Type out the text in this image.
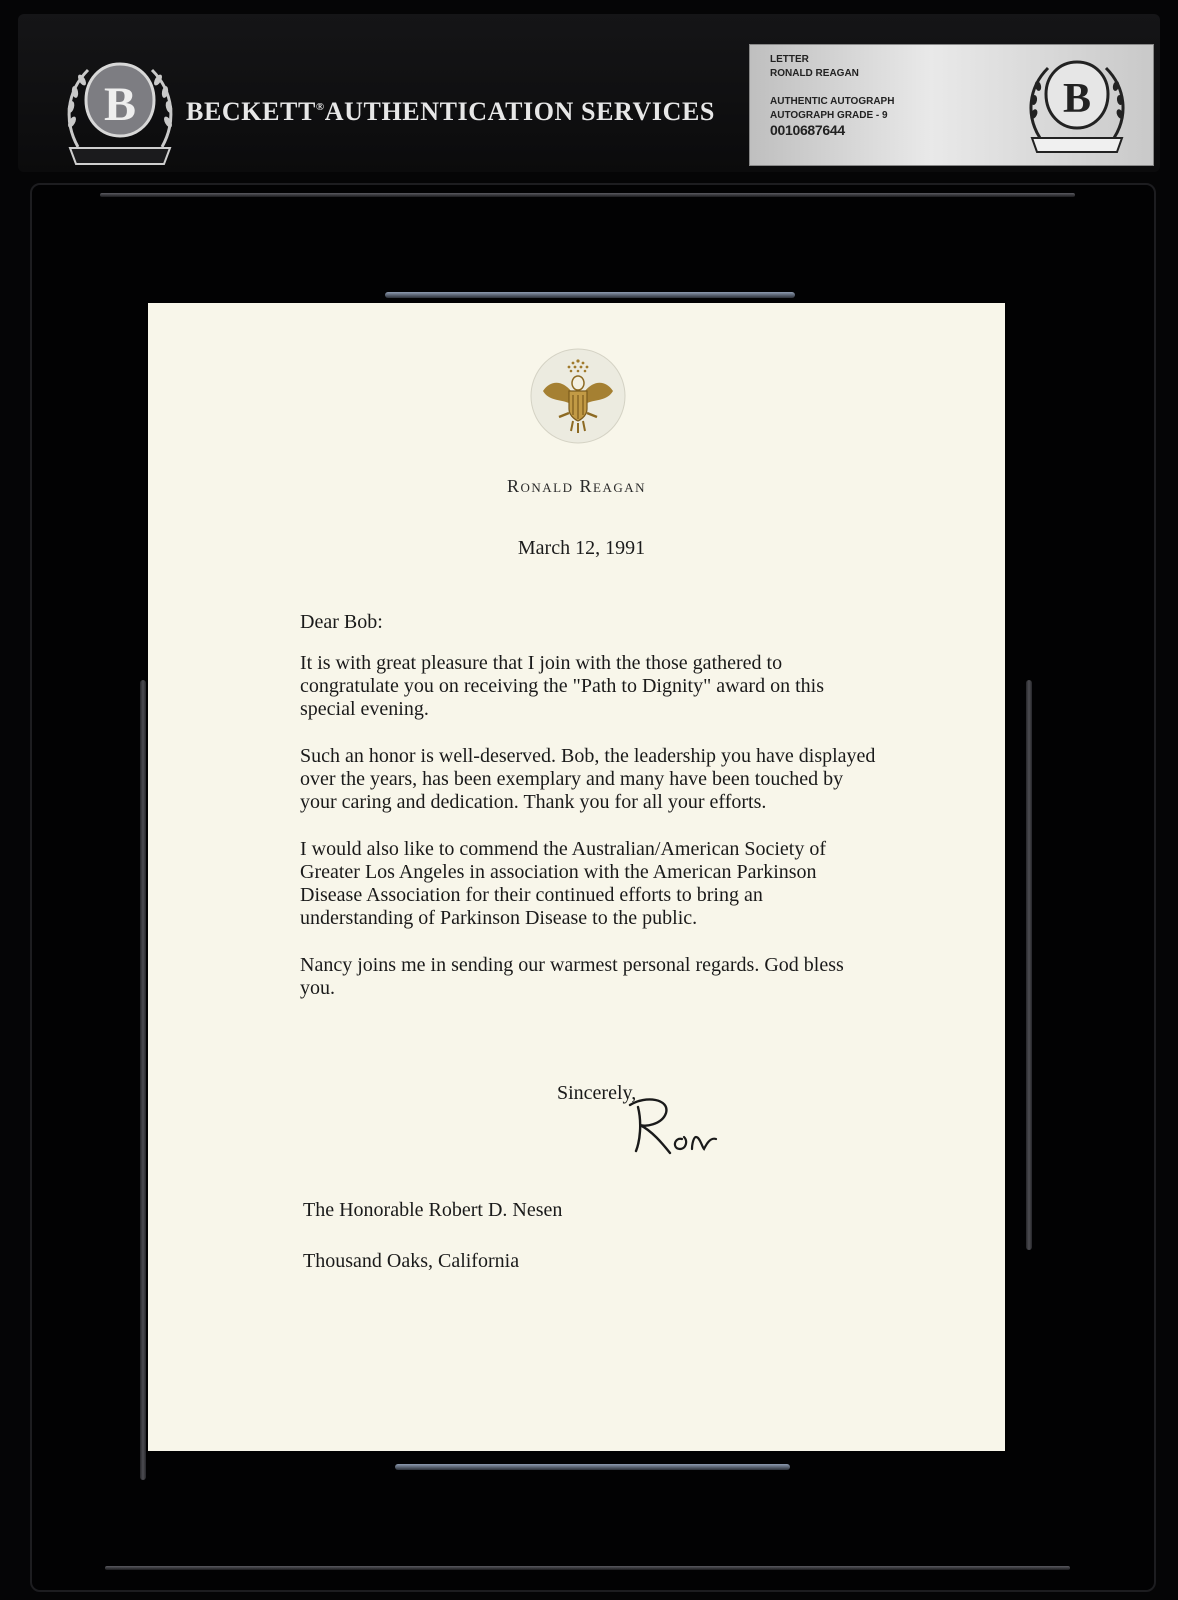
B BECKETT®AUTHENTICATION SERVICES
LETTER
RONALD REAGAN
AUTHENTIC AUTOGRAPH
AUTOGRAPH GRADE - 9
0010687644
B
Ronald Reagan
March 12, 1991

Dear Bob:

It is with great pleasure that I join with the those gathered to congratulate you on receiving the "Path to Dignity" award on this special evening.

Such an honor is well-deserved. Bob, the leadership you have displayed over the years, has been exemplary and many have been touched by your caring and dedication. Thank you for all your efforts.

I would also like to commend the Australian/American Society of Greater Los Angeles in association with the American Parkinson Disease Association for their continued efforts to bring an understanding of Parkinson Disease to the public.

Nancy joins me in sending our warmest personal regards. God bless you.

Sincerely,
The Honorable Robert D. Nesen
Thousand Oaks, California
